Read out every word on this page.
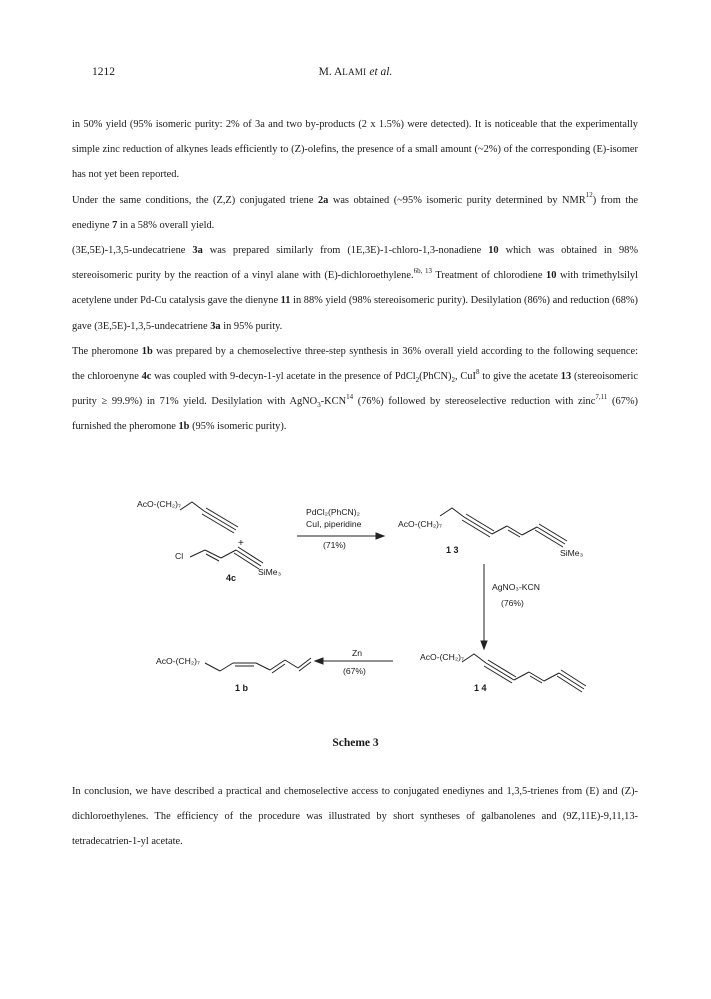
1212	M. ALAMI et al.

in 50% yield (95% isomeric purity: 2% of 3a and two by-products (2 x 1.5%) were detected). It is noticeable that the experimentally simple zinc reduction of alkynes leads efficiently to (Z)-olefins, the presence of a small amount (~2%) of the corresponding (E)-isomer has not yet been reported.

Under the same conditions, the (Z,Z) conjugated triene 2a was obtained (~95% isomeric purity determined by NMR$^{12}$) from the enediyne 7 in a 58% overall yield.

(3E,5E)-1,3,5-undecatriene 3a was prepared similarly from (1E,3E)-1-chloro-1,3-nonadiene 10 which was obtained in 98% stereoisomeric purity by the reaction of a vinyl alane with (E)-dichloroethylene.$^{6b, 13}$ Treatment of chlorodiene 10 with trimethylsilyl acetylene under Pd-Cu catalysis gave the dienyne 11 in 88% yield (98% stereoisomeric purity). Desilylation (86%) and reduction (68%) gave (3E,5E)-1,3,5-undecatriene 3a in 95% purity.

The pheromone 1b was prepared by a chemoselective three-step synthesis in 36% overall yield according to the following sequence: the chloroenyne 4c was coupled with 9-decyn-1-yl acetate in the presence of $PdCl_2(PhCN)_2$, CuI$^8$ to give the acetate 13 (stereoisomeric purity ≥ 99.9%) in 71% yield. Desilylation with $AgNO_3-KCN^{14}$ (76%) followed by stereoselective reduction with zinc$^{7,11}$ (67%) furnished the pheromone 1b (95% isomeric purity).

AcO-(CH₂)₇
+
Cl
SiMe₃
4c
PdCl₂(PhCN)₂
CuI, piperidine
(71%)
AcO-(CH₂)₇
SiMe₃
1 3
AgNO₃-KCN
(76%)
AcO-(CH₂)₇
1 4
Zn
(67%)
AcO-(CH₂)₇
1 b
Scheme 3

In conclusion, we have described a practical and chemoselective access to conjugated enediynes and 1,3,5-trienes from (E) and (Z)-dichloroethylenes. The efficiency of the procedure was illustrated by short syntheses of galbanolenes and (9Z,11E)-9,11,13-tetradecatrien-1-yl acetate.
